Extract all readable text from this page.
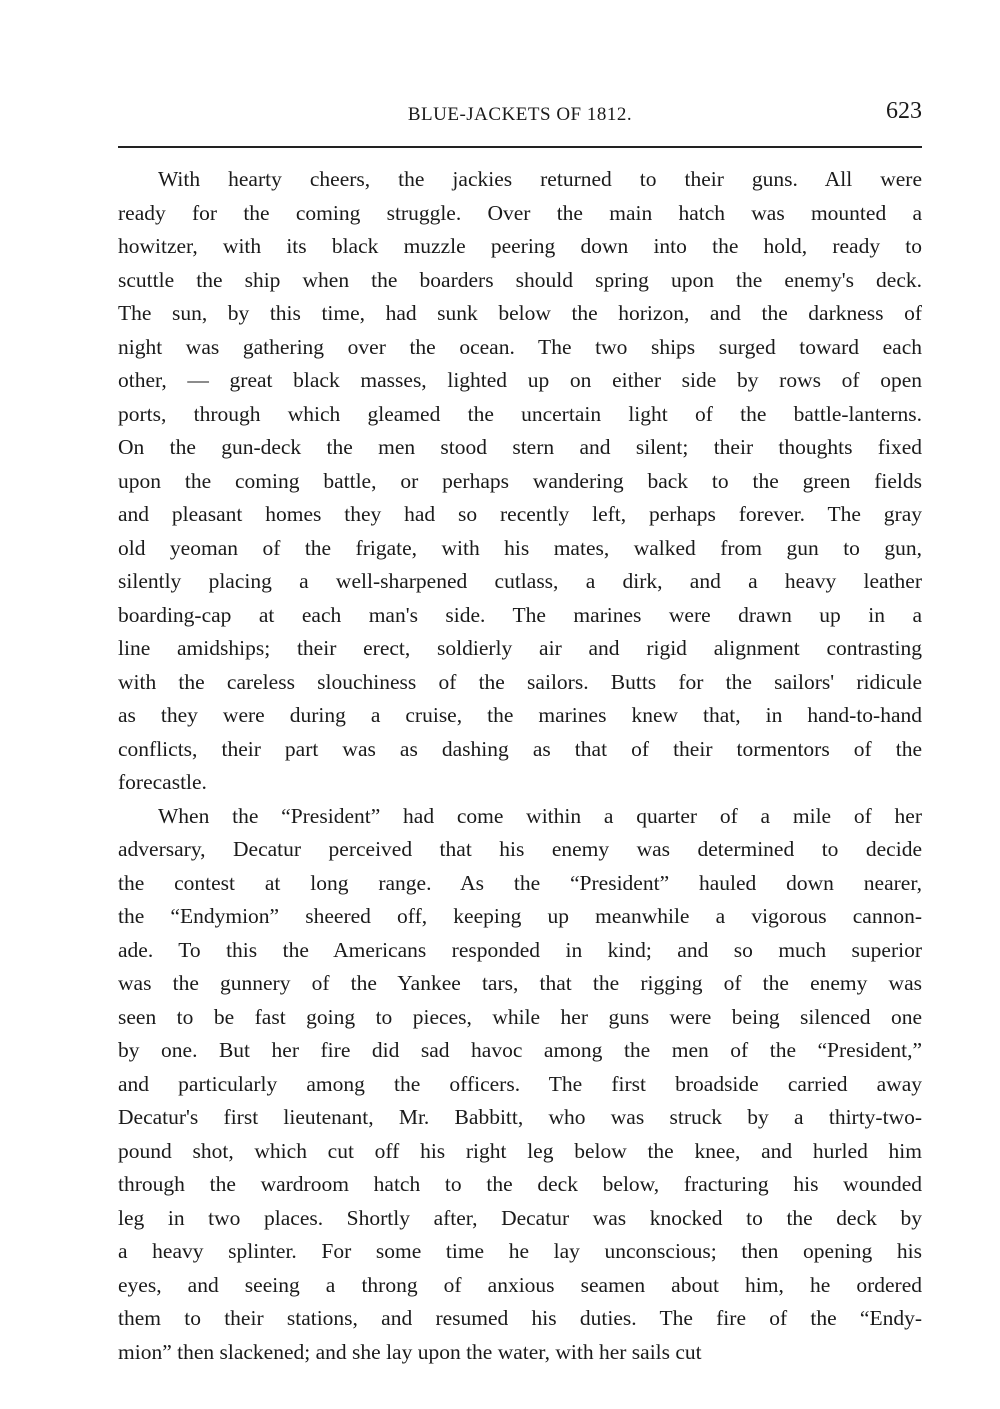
BLUE-JACKETS OF 1812.	623
With hearty cheers, the jackies returned to their guns. All were
ready for the coming struggle. Over the main hatch was mounted a
howitzer, with its black muzzle peering down into the hold, ready to
scuttle the ship when the boarders should spring upon the enemy's deck.
The sun, by this time, had sunk below the horizon, and the darkness of
night was gathering over the ocean. The two ships surged toward each
other, — great black masses, lighted up on either side by rows of open
ports, through which gleamed the uncertain light of the battle-lanterns.
On the gun-deck the men stood stern and silent; their thoughts fixed
upon the coming battle, or perhaps wandering back to the green fields
and pleasant homes they had so recently left, perhaps forever. The gray
old yeoman of the frigate, with his mates, walked from gun to gun,
silently placing a well-sharpened cutlass, a dirk, and a heavy leather
boarding-cap at each man's side. The marines were drawn up in a
line amidships; their erect, soldierly air and rigid alignment contrasting
with the careless slouchiness of the sailors. Butts for the sailors' ridicule
as they were during a cruise, the marines knew that, in hand-to-hand
conflicts, their part was as dashing as that of their tormentors of the
forecastle.
When the “President” had come within a quarter of a mile of her
adversary, Decatur perceived that his enemy was determined to decide
the contest at long range. As the “President” hauled down nearer,
the “Endymion” sheered off, keeping up meanwhile a vigorous cannon-
ade. To this the Americans responded in kind; and so much superior
was the gunnery of the Yankee tars, that the rigging of the enemy was
seen to be fast going to pieces, while her guns were being silenced one
by one. But her fire did sad havoc among the men of the “President,”
and particularly among the officers. The first broadside carried away
Decatur's first lieutenant, Mr. Babbitt, who was struck by a thirty-two-
pound shot, which cut off his right leg below the knee, and hurled him
through the wardroom hatch to the deck below, fracturing his wounded
leg in two places. Shortly after, Decatur was knocked to the deck by
a heavy splinter. For some time he lay unconscious; then opening his
eyes, and seeing a throng of anxious seamen about him, he ordered
them to their stations, and resumed his duties. The fire of the “Endy-
mion” then slackened; and she lay upon the water, with her sails cut
